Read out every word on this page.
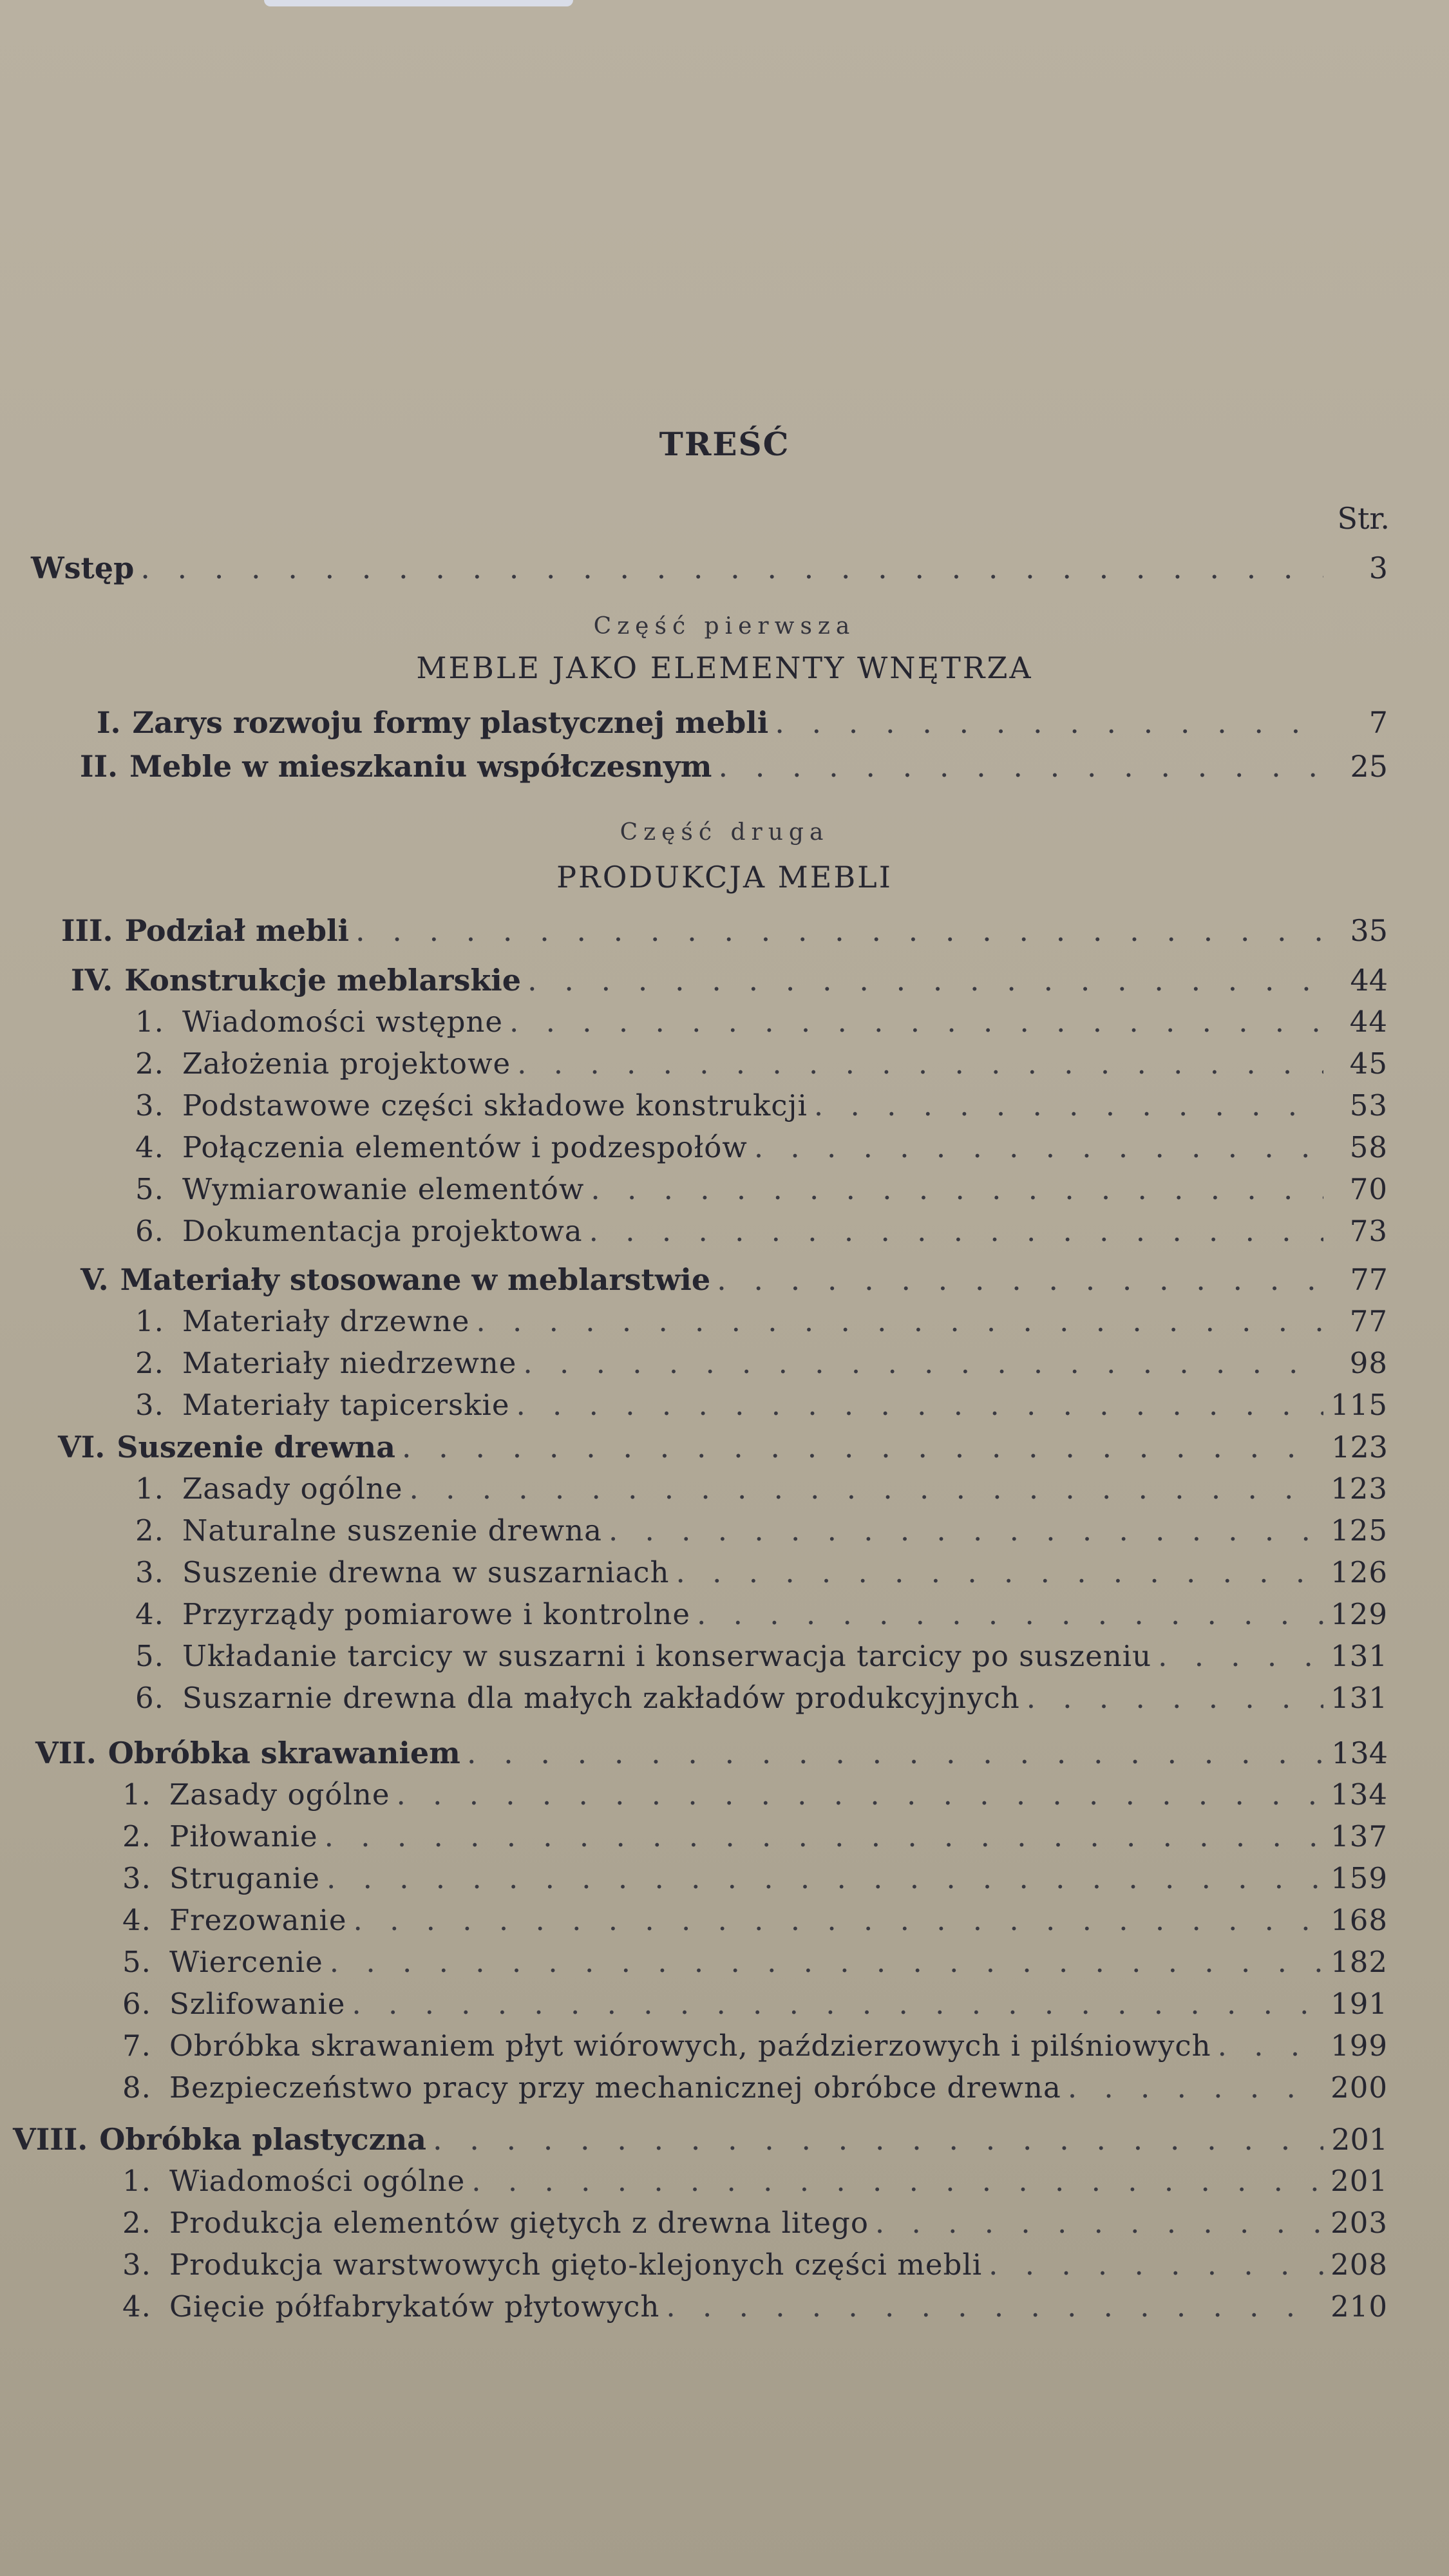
TREŚĆ
Str.
Wstęp . . .	3
Część pierwsza
MEBLE JAKO ELEMENTY WNĘTRZA
I. Zarys rozwoju formy plastycznej mebli . . .	7
II. Meble w mieszkaniu współczesnym . . .	25
Część druga
PRODUKCJA MEBLI
III. Podział mebli . . .	35
IV. Konstrukcje meblarskie . . .	44
1. Wiadomości wstępne . . .	44
2. Założenia projektowe . . .	45
3. Podstawowe części składowe konstrukcji . . .	53
4. Połączenia elementów i podzespołów . . .	58
5. Wymiarowanie elementów . . .	70
6. Dokumentacja projektowa . . .	73
V. Materiały stosowane w meblarstwie . . .	77
1. Materiały drzewne . . .	77
2. Materiały niedrzewne . . .	98
3. Materiały tapicerskie . . .	115
VI. Suszenie drewna . . .	123
1. Zasady ogólne . . .	123
2. Naturalne suszenie drewna . . .	125
3. Suszenie drewna w suszarniach . . .	126
4. Przyrządy pomiarowe i kontrolne . . .	129
5. Układanie tarcicy w suszarni i konserwacja tarcicy po suszeniu . . .	131
6. Suszarnie drewna dla małych zakładów produkcyjnych . . .	131
VII. Obróbka skrawaniem . . .	134
1. Zasady ogólne . . .	134
2. Piłowanie . . .	137
3. Struganie . . .	159
4. Frezowanie . . .	168
5. Wiercenie . . .	182
6. Szlifowanie . . .	191
7. Obróbka skrawaniem płyt wiórowych, paździerzowych i pilśniowych . . .	199
8. Bezpieczeństwo pracy przy mechanicznej obróbce drewna . . .	200
VIII. Obróbka plastyczna . . .	201
1. Wiadomości ogólne . . .	201
2. Produkcja elementów giętych z drewna litego . . .	203
3. Produkcja warstwowych gięto-klejonych części mebli . . .	208
4. Gięcie półfabrykatów płytowych . . .	210
